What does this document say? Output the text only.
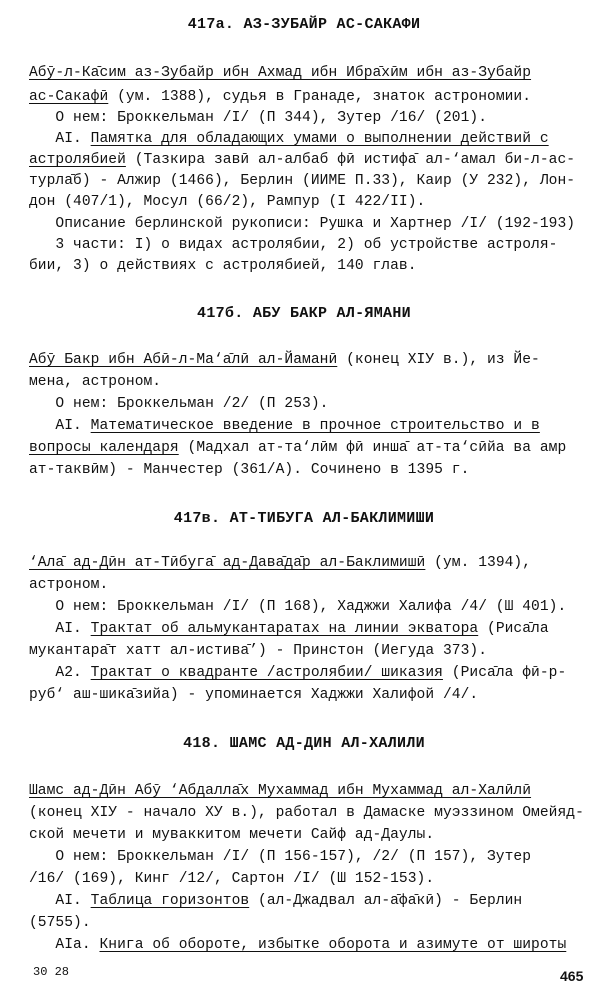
417а. АЗ-ЗУБАЙР АС-САКАФИ
Абӯ-л-Ка̄сим аз-Зубайр ибн Ахмад ибн Ибра̄хӣм ибн аз-Зубайр
ас-Сакафӣ (ум. 1388), судья в Гранаде, знаток астрономии.
О нем: Броккельман /I/ (П 344), Зутер /16/ (201).
AI. Памятка для обладающих умами о выполнении действий с
астролябией (Тазкира завӣ ал-албаб фӣ истифа̄ ал-‘амал би-л-ас-
турла̄б) - Алжир (1466), Берлин (ИИМЕ П.33), Каир (У 232), Лон-
дон (407/1), Мосул (66/2), Рампур (I 422/II).
Описание берлинской рукописи: Рушка и Хартнер /I/ (192-193)
3 части: I) о видах астролябии, 2) об устройстве астроля-
бии, 3) о действиях с астролябией, 140 глав.
417б. АБУ БАКР АЛ-ЯМАНИ
Абӯ Бакр ибн Абӣ-л-Ма‘а̄лӣ ал-Йаманӣ (конец XIУ в.), из Йе-
мена, астроном.
О нем: Броккельман /2/ (П 253).
AI. Математическое введение в прочное строительство и в
вопросы календаря (Мадхал ат-та‘лӣм фӣ инша̄ ат-та‘сӣйа ва амр
ат-таквӣм) - Манчестер (361/A). Сочинено в 1395 г.
417в. АТ-ТИБУГА АЛ-БАКЛИМИШИ
‘Ала̄ ад-Дӣн ат-Тӣбуга̄ ад-Дава̄да̄р ал-Баклимишӣ (ум. 1394),
астроном.
О нем: Броккельман /I/ (П 168), Хаджжи Халифа /4/ (Ш 401).
AI. Трактат об альмукантаратах на линии экватора (Риса̄ла
мукантара̄т хатт ал-истива̄’) - Принстон (Иегуда 373).
А2. Трактат о квадранте /астролябии/ шиказия (Риса̄ла фӣ-р-
руб‘ аш-шика̄зийа) - упоминается Хаджжи Халифой /4/.
418. ШАМС АД-ДИН АЛ-ХАЛИЛИ
Шамс ад-Дӣн Абӯ ‘Абдалла̄х Мухаммад ибн Мухаммад ал-Халӣлӣ
(конец XIУ - начало ХУ в.), работал в Дамаске муэззином Омейяд-
ской мечети и муваккитом мечети Сайф ад-Даулы.
О нем: Броккельман /I/ (П 156-157), /2/ (П 157), Зутер
/16/ (169), Кинг /12/, Сартон /I/ (Ш 152-153).
AI. Таблица горизонтов (ал-Джадвал ал-а̄фа̄кӣ) - Берлин
(5755).
AIа. Книга об обороте, избытке оборота и азимуте от широты
30 28	465
